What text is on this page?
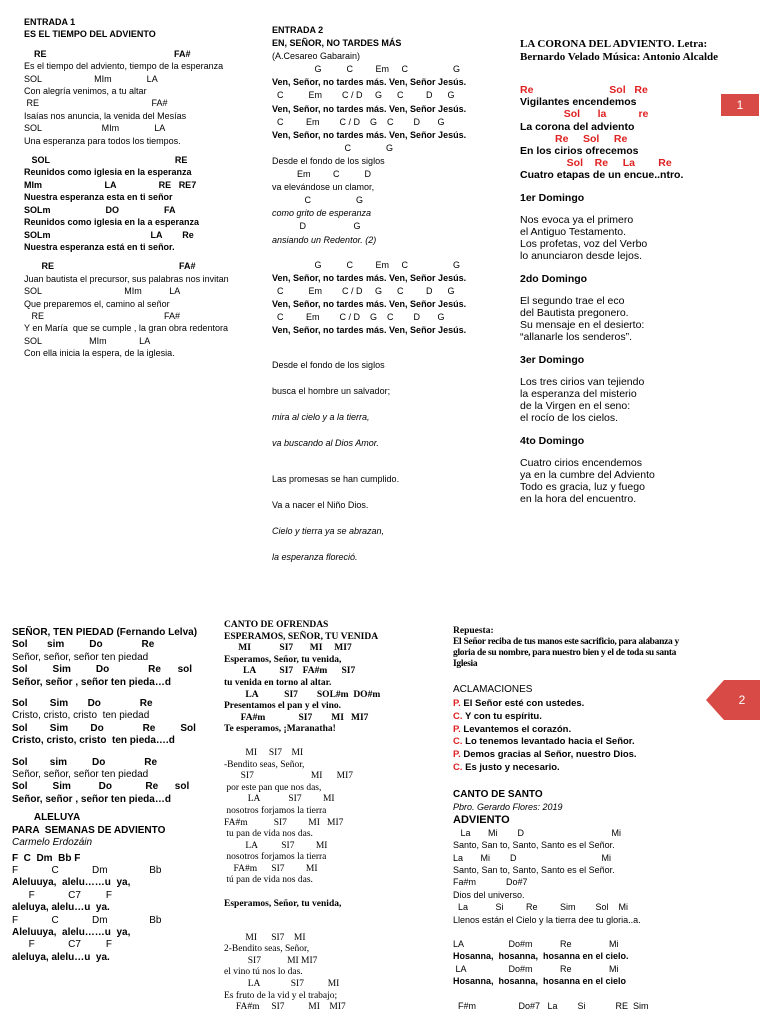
ENTRADA 1
ES EL TIEMPO DEL ADVIENTO
RE                                                   FA#
Es el tiempo del adviento, tiempo de la esperanza
SOL                     MIm              LA
Con alegría venimos, a tu altar
RE                                             FA#
Isaías nos anuncia, la venida del Mesías
SOL                        MIm              LA
Una esperanza para todos los tiempos.
SOL                                                  RE
Reunidos como iglesia en la esperanza
MIm                         LA                 RE   RE7
Nuestra esperanza esta en ti señor
SOLm                      DO                  FA
Reunidos como iglesia en la a esperanza
SOLm                                        LA        Re
Nuestra esperanza está en ti señor.
RE                                                  FA#
Juan bautista el precursor, sus palabras nos invitan
SOL                                 MIm           LA
Que preparemos el, camino al señor
RE                                                FA#
Y en María  que se cumple , la gran obra redentora
SOL                   MIm             LA
Con ella inicia la espera, de la iglesia.
ENTRADA 2
EN, SEÑOR, NO TARDES MÁS
(A.Cesareo Gabarain)
G          C         Em     C                  G
Ven, Señor, no tardes más. Ven, Señor Jesús.
C          Em        C / D     G      C         D      G
Ven, Señor, no tardes más. Ven, Señor Jesús.
C         Em        C / D    G    C        D       G
Ven, Señor, no tardes más. Ven, Señor Jesús.
C              G
Desde el fondo de los siglos
Em         C          D
va elevándose un clamor,
C                  G
como grito de esperanza
D                   G
ansiando un Redentor. (2)
G          C         Em     C                  G
Ven, Señor, no tardes más. Ven, Señor Jesús.
C          Em        C / D     G      C         D      G
Ven, Señor, no tardes más. Ven, Señor Jesús.
C         Em        C / D    G    C        D       G
Ven, Señor, no tardes más. Ven, Señor Jesús.
Desde el fondo de los siglos
busca el hombre un salvador;
mira al cielo y a la tierra,
va buscando al Dios Amor.
Las promesas se han cumplido.
Va a nacer el Niño Dios.
Cielo y tierra ya se abrazan,
la esperanza floreció.
LA CORONA DEL ADVIENTO. Letra: Bernardo Velado Música: Antonio Alcalde
Re                          Sol   Re
Vigilantes encendemos
Sol      la           re
La corona del adviento
Re     Sol     Re
En los cirios ofrecemos
Sol    Re     La        Re
Cuatro etapas de un encue..ntro.
1er Domingo
Nos evoca ya el primero
el Antiguo Testamento.
Los profetas, voz del Verbo
lo anunciaron desde lejos.
2do Domingo
El segundo trae el eco
del Bautista pregonero.
Su mensaje en el desierto:
“allanarle los senderos”.
3er Domingo
Los tres cirios van tejiendo
la esperanza del misterio
de la Virgen en el seno:
el rocío de los cielos.
4to Domingo
Cuatro cirios encendemos
ya en la cumbre del Adviento
Todo es gracia, luz y fuego
en la hora del encuentro.
1
SEÑOR, TEN PIEDAD (Fernando Lelva)
Sol       sim         Do              Re
Señor, señor, señor ten piedad
Sol         Sim         Do              Re      sol
Señor, señor , señor ten pieda…d
Sol        Sim       Do              Re
Cristo, cristo, cristo  ten piedad
Sol        Sim        Do              Re         Sol
Cristo, cristo, cristo  ten pieda….d
Sol        sim         Do              Re
Señor, señor, señor ten piedad
Sol         Sim          Do            Re      sol
Señor, señor , señor ten pieda…d
ALELUYA
PARA  SEMANAS DE ADVIENTO
Carmelo Erdozáin
F  C  Dm  Bb F
F            C            Dm               Bb
Aleluuya,  alelu……u  ya,
F            C7         F
aleluya, alelu…u  ya.
F            C            Dm               Bb
Aleluuya,  alelu……u  ya,
F            C7         F
aleluya, alelu…u  ya.
CANTO DE OFRENDAS
ESPERAMOS, SEÑOR, TU VENIDA
MI            SI7       MI     MI7
Esperamos, Señor, tu venida,
LA          SI7    FA#m      SI7
tu venida en torno al altar.
LA           SI7        SOL#m  DO#m
Presentamos el pan y el vino.
FA#m              SI7        MI   MI7
Te esperamos, ¡Maranatha!
MI     SI7    MI
-Bendito seas, Señor,
SI7                        MI      MI7
por este pan que nos das,
LA            SI7         MI
nosotros forjamos la tierra
FA#m           SI7         MI   MI7
tu pan de vida nos das.
LA          SI7         MI
nosotros forjamos la tierra
FA#m      SI7         MI
tú pan de vida nos das.
Esperamos, Señor, tu venida,
MI      SI7    MI
2-Bendito seas, Señor,
SI7           MI MI7
el vino tú nos lo das.
LA             SI7          MI
Es fruto de la vid y el trabajo;
FA#m     SI7          MI    MI7
Repuesta:
El Señor reciba de tus manos este sacrificio, para alabanza y gloria de su nombre, para nuestro bien y el de toda su santa Iglesia
ACLAMACIONES
P. El Señor esté con ustedes.
C. Y con tu espíritu.
P. Levantemos el corazón.
C. Lo tenemos levantado hacia el Señor.
P. Demos gracias al Señor, nuestro Dios.
C. Es justo y necesario.
CANTO DE SANTO
Pbro. Gerardo Flores: 2019
ADVIENTO
La       Mi        D                                   Mi
Santo, San to, Santo, Santo es el Señor.
La       Mi        D                                  Mi
Santo, San to, Santo, Santo es el Señor.
Fa#m            Do#7
Dios del universo.
La           Si         Re         Sim        Sol    Mi
Llenos están el Cielo y la tierra dee tu gloria..a.
LA                  Do#m           Re               Mi
Hosanna,  hosanna,  hosanna en el cielo.
LA                 Do#m           Re               Mi
Hosanna,  hosanna,  hosanna en el cielo
F#m                 Do#7   La        Si            RE  Sim
2
